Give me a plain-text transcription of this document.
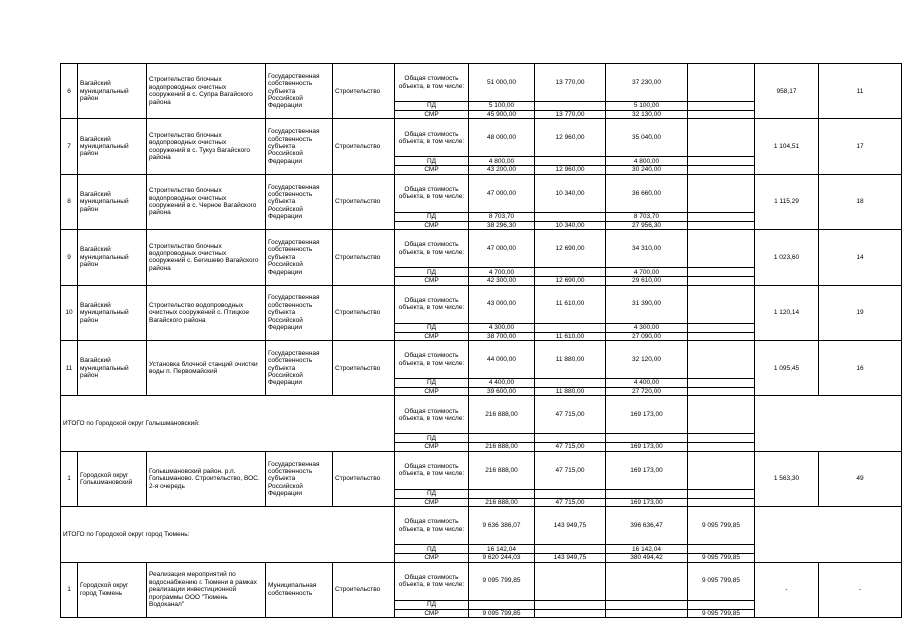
6	Вагайский муниципальный район	Строительство блочных водопроводных очистных сооружений в с. Супра Вагайского района	Государственная собственность субъекта Российской Федерации	Строительство	Общая стоимость объекта, в том числе:	51 000,00	13 770,00	37 230,00		958,17	11
					ПД	5 100,00		5 100,00			
					СМР	45 900,00	13 770,00	32 130,00			
7	Вагайский муниципальный район	Строительство блочных водопроводных очистных сооружений в с. Тукуз Вагайского района	Государственная собственность субъекта Российской Федерации	Строительство	Общая стоимость объекта, в том числе:	48 000,00	12 960,00	35 040,00		1 104,51	17
					ПД	4 800,00		4 800,00			
					СМР	43 200,00	12 960,00	30 240,00			
8	Вагайский муниципальный район	Строительство блочных водопроводных очистных сооружений в с. Черное Вагайского района	Государственная собственность субъекта Российской Федерации	Строительство	Общая стоимость объекта, в том числе:	47 000,00	10 340,00	36 660,00		1 115,29	18
					ПД	8 703,70		8 703,70			
					СМР	38 296,30	10 340,00	27 956,30			
9	Вагайский муниципальный район	Строительство блочных водопроводных очистных сооружений с. Бегишево Вагайского района	Государственная собственность субъекта Российской Федерации	Строительство	Общая стоимость объекта, в том числе:	47 000,00	12 690,00	34 310,00		1 023,60	14
					ПД	4 700,00		4 700,00			
					СМР	42 300,00	12 690,00	29 610,00			
10	Вагайский муниципальный район	Строительство водопроводных очистных сооружений с. Птицкое Вагайского района	Государственная собственность субъекта Российской Федерации	Строительство	Общая стоимость объекта, в том числе:	43 000,00	11 610,00	31 390,00		1 120,14	19
					ПД	4 300,00		4 300,00			
					СМР	38 700,00	11 610,00	27 090,00			
11	Вагайский муниципальный район	Установка блочной станций очистки воды п. Первомайский	Государственная собственность субъекта Российской Федерации	Строительство	Общая стоимость объекта, в том числе:	44 000,00	11 880,00	32 120,00		1 095,45	16
					ПД	4 400,00		4 400,00			
					СМР	39 600,00	11 880,00	27 720,00			
ИТОГО по Городской округ Голышмановский:					Общая стоимость объекта, в том числе:	216 888,00	47 715,00	169 173,00			
					ПД						
					СМР	216 888,00	47 715,00	169 173,00			
1	Городской округ Голышмановский	Голышмановский район. р.п. Голышманово. Строительство, ВОС. 2-я очередь	Государственная собственность субъекта Российской Федерации	Строительство	Общая стоимость объекта, в том числе:	216 888,00	47 715,00	169 173,00		1 563,30	49
					ПД						
					СМР	216 888,00	47 715,00	169 173,00			
ИТОГО по Городской округ город Тюмень:					Общая стоимость объекта, в том числе:	9 636 386,07	143 949,75	396 636,47	9 095 799,85		
					ПД	16 142,04		16 142,04			
					СМР	9 620 244,03	143 949,75	380 494,42	9 095 799,85		
1	Городской округ город Тюмень	Реализация мероприятий по водоснабжению г. Тюмени в рамках реализации инвестиционной программы ООО "Тюмень Водоканал"	Муниципальная собственность	Строительство	Общая стоимость объекта, в том числе:	9 095 799,85			9 095 799,85	-	-
					ПД						
					СМР	9 095 799,85			9 095 799,85		
